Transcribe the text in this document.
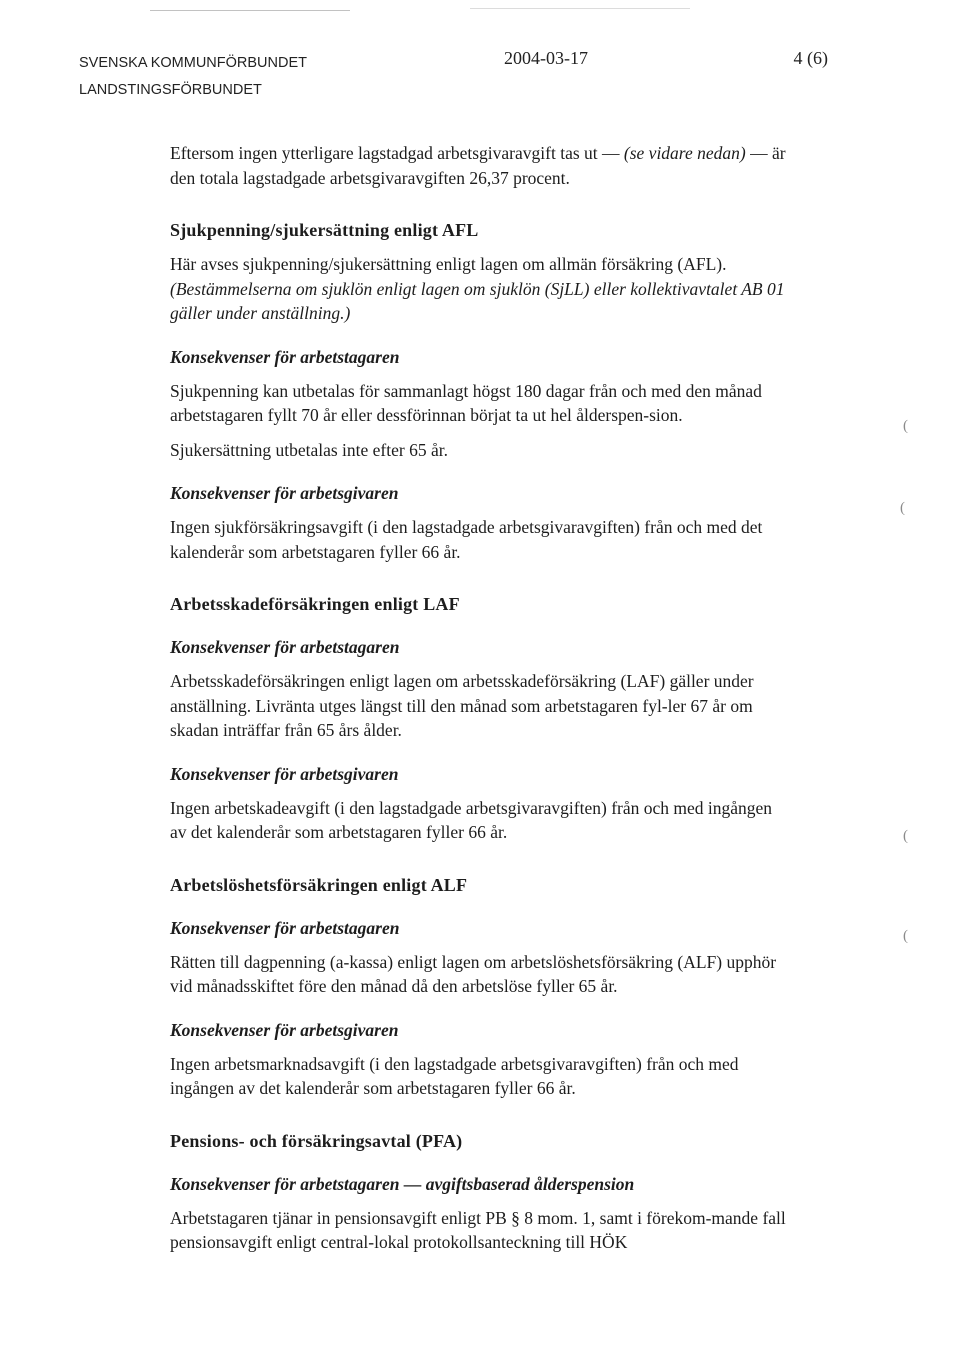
SVENSKA KOMMUNFÖRBUNDET
LANDSTINGSFÖRBUNDET
2004-03-17	4 (6)

Eftersom ingen ytterligare lagstadgad arbetsgivaravgift tas ut — (se vidare nedan) — är den totala lagstadgade arbetsgivaravgiften 26,37 procent.

Sjukpenning/sjukersättning enligt AFL

Här avses sjukpenning/sjukersättning enligt lagen om allmän försäkring (AFL). (Bestämmelserna om sjuklön enligt lagen om sjuklön (SjLL) eller kollektivavtalet AB 01 gäller under anställning.)

Konsekvenser för arbetstagaren

Sjukpenning kan utbetalas för sammanlagt högst 180 dagar från och med den månad arbetstagaren fyllt 70 år eller dessförinnan börjat ta ut hel ålderspen-sion.

Sjukersättning utbetalas inte efter 65 år.

Konsekvenser för arbetsgivaren

Ingen sjukförsäkringsavgift (i den lagstadgade arbetsgivaravgiften) från och med det kalenderår som arbetstagaren fyller 66 år.

Arbetsskadeförsäkringen enligt LAF
Konsekvenser för arbetstagaren

Arbetsskadeförsäkringen enligt lagen om arbetsskadeförsäkring (LAF) gäller under anställning. Livränta utges längst till den månad som arbetstagaren fyl-ler 67 år om skadan inträffar från 65 års ålder.

Konsekvenser för arbetsgivaren

Ingen arbetskadeavgift (i den lagstadgade arbetsgivaravgiften) från och med ingången av det kalenderår som arbetstagaren fyller 66 år.

Arbetslöshetsförsäkringen enligt ALF
Konsekvenser för arbetstagaren

Rätten till dagpenning (a-kassa) enligt lagen om arbetslöshetsförsäkring (ALF) upphör vid månadsskiftet före den månad då den arbetslöse fyller 65 år.

Konsekvenser för arbetsgivaren

Ingen arbetsmarknadsavgift (i den lagstadgade arbetsgivaravgiften) från och med ingången av det kalenderår som arbetstagaren fyller 66 år.

Pensions- och försäkringsavtal (PFA)
Konsekvenser för arbetstagaren — avgiftsbaserad ålderspension

Arbetstagaren tjänar in pensionsavgift enligt PB § 8 mom. 1, samt i förekom-mande fall pensionsavgift enligt central-lokal protokollsanteckning till HÖK

(
(
(
(
